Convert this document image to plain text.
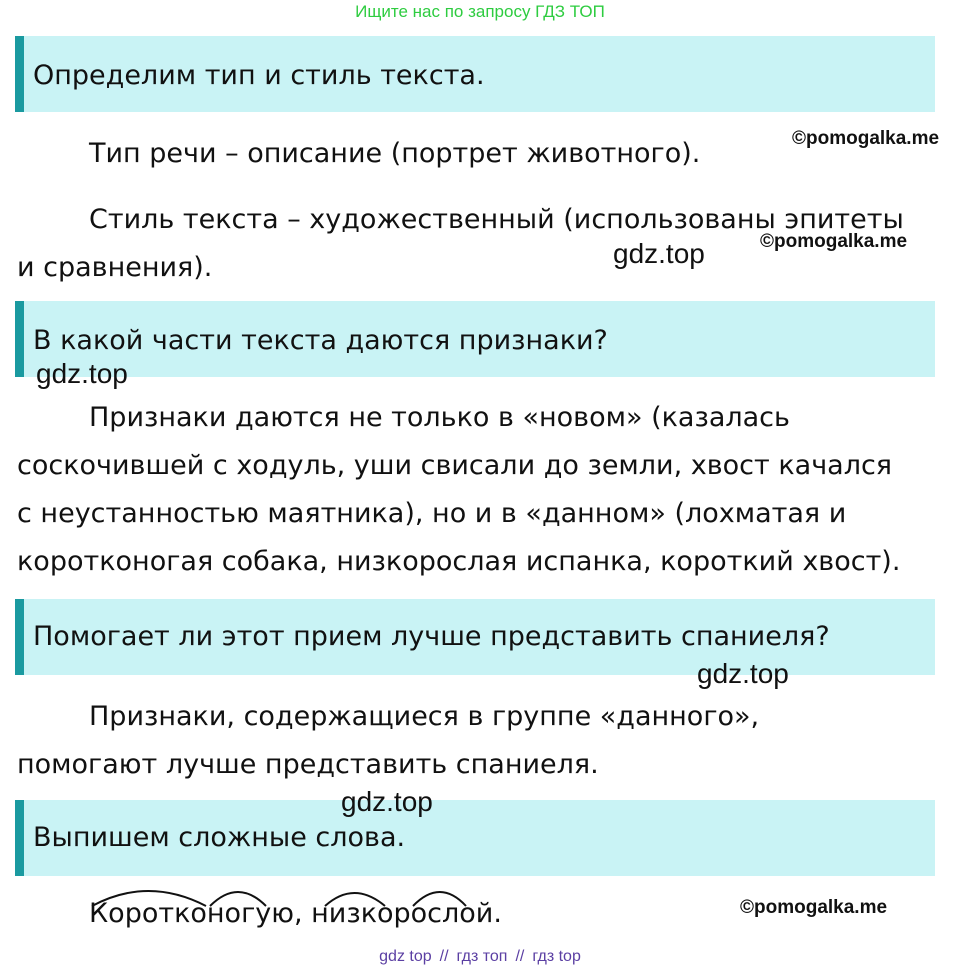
Ищите нас по запросу ГДЗ ТОП
Определим тип и стиль текста.
Тип речи – описание (портрет животного).
Стиль текста – художественный (использованы эпитеты
и сравнения).
В какой части текста даются признаки?
Признаки даются не только в «новом» (казалась
соскочившей с ходуль, уши свисали до земли, хвост качался
с неустанностью маятника), но и в «данном» (лохматая и
коротконогая собака, низкорослая испанка, короткий хвост).
Помогает ли этот прием лучше представить спаниеля?
Признаки, содержащиеся в группе «данного»,
помогают лучше представить спаниеля.
Выпишем сложные слова.
Коротконогую, низкорослой.
©pomogalka.me
©pomogalka.me
gdz.top
gdz.top
gdz.top
gdz.top
©pomogalka.me
gdz top // гдз топ // гдз top
